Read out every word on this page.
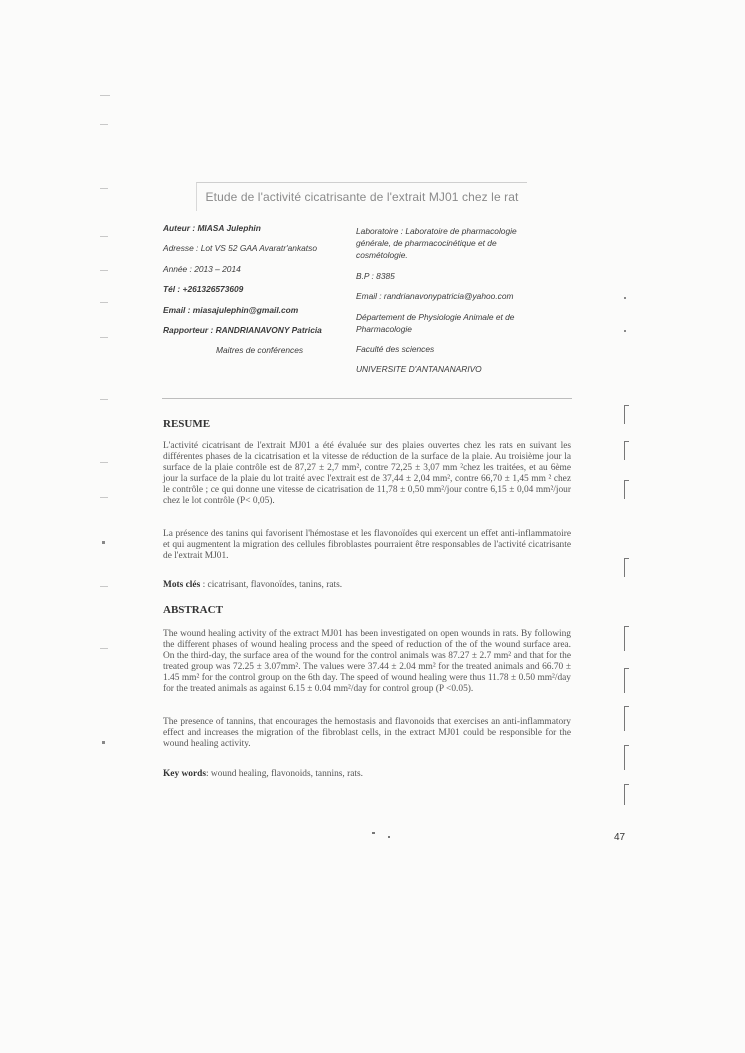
Etude de l'activité cicatrisante de l'extrait MJ01 chez le rat
Auteur : MIASA Julephin
Adresse : Lot VS 52 GAA Avaratr'ankatso
Année : 2013 – 2014
Tél : +261326573609
Email : miasajulephin@gmail.com
Rapporteur : RANDRIANAVONY Patricia
Maitres de conférences
Laboratoire : Laboratoire de pharmacologie
générale, de pharmacocinétique et de
cosmétologie.
B.P : 8385
Email : randrianavonypatricia@yahoo.com
Département de Physiologie Animale et de
Pharmacologie
Faculté des sciences
UNIVERSITE D'ANTANANARIVO
RESUME
L'activité cicatrisant de l'extrait MJ01 a été évaluée sur des plaies ouvertes chez les rats en suivant les différentes phases de la cicatrisation et la vitesse de réduction de la surface de la plaie. Au troisième jour la surface de la plaie contrôle est de 87,27 ± 2,7 mm², contre 72,25 ± 3,07 mm ²chez les traitées, et au 6ème jour la surface de la plaie du lot traité avec l'extrait est de 37,44 ± 2,04 mm², contre 66,70 ± 1,45 mm ² chez le contrôle ; ce qui donne une vitesse de cicatrisation de 11,78 ± 0,50 mm²/jour contre 6,15 ± 0,04 mm²/jour chez le lot contrôle (P< 0,05).
La présence des tanins qui favorisent l'hémostase et les flavonoïdes qui exercent un effet anti-inflammatoire et qui augmentent la migration des cellules fibroblastes pourraient être responsables de l'activité cicatrisante de l'extrait MJ01.
Mots clés : cicatrisant, flavonoïdes, tanins, rats.
ABSTRACT
The wound healing activity of the extract MJ01 has been investigated on open wounds in rats. By following the different phases of wound healing process and the speed of reduction of the of the wound surface area. On the third-day, the surface area of the wound for the control animals was 87.27 ± 2.7 mm² and that for the treated group was 72.25 ± 3.07mm². The values were 37.44 ± 2.04 mm² for the treated animals and 66.70 ± 1.45 mm² for the control group on the 6th day. The speed of wound healing were thus 11.78 ± 0.50 mm²/day for the treated animals as against 6.15 ± 0.04 mm²/day for control group (P <0.05).
The presence of tannins, that encourages the hemostasis and flavonoids that exercises an anti-inflammatory effect and increases the migration of the fibroblast cells, in the extract MJ01 could be responsible for the wound healing activity.
Key words: wound healing, flavonoids, tannins, rats.
47
